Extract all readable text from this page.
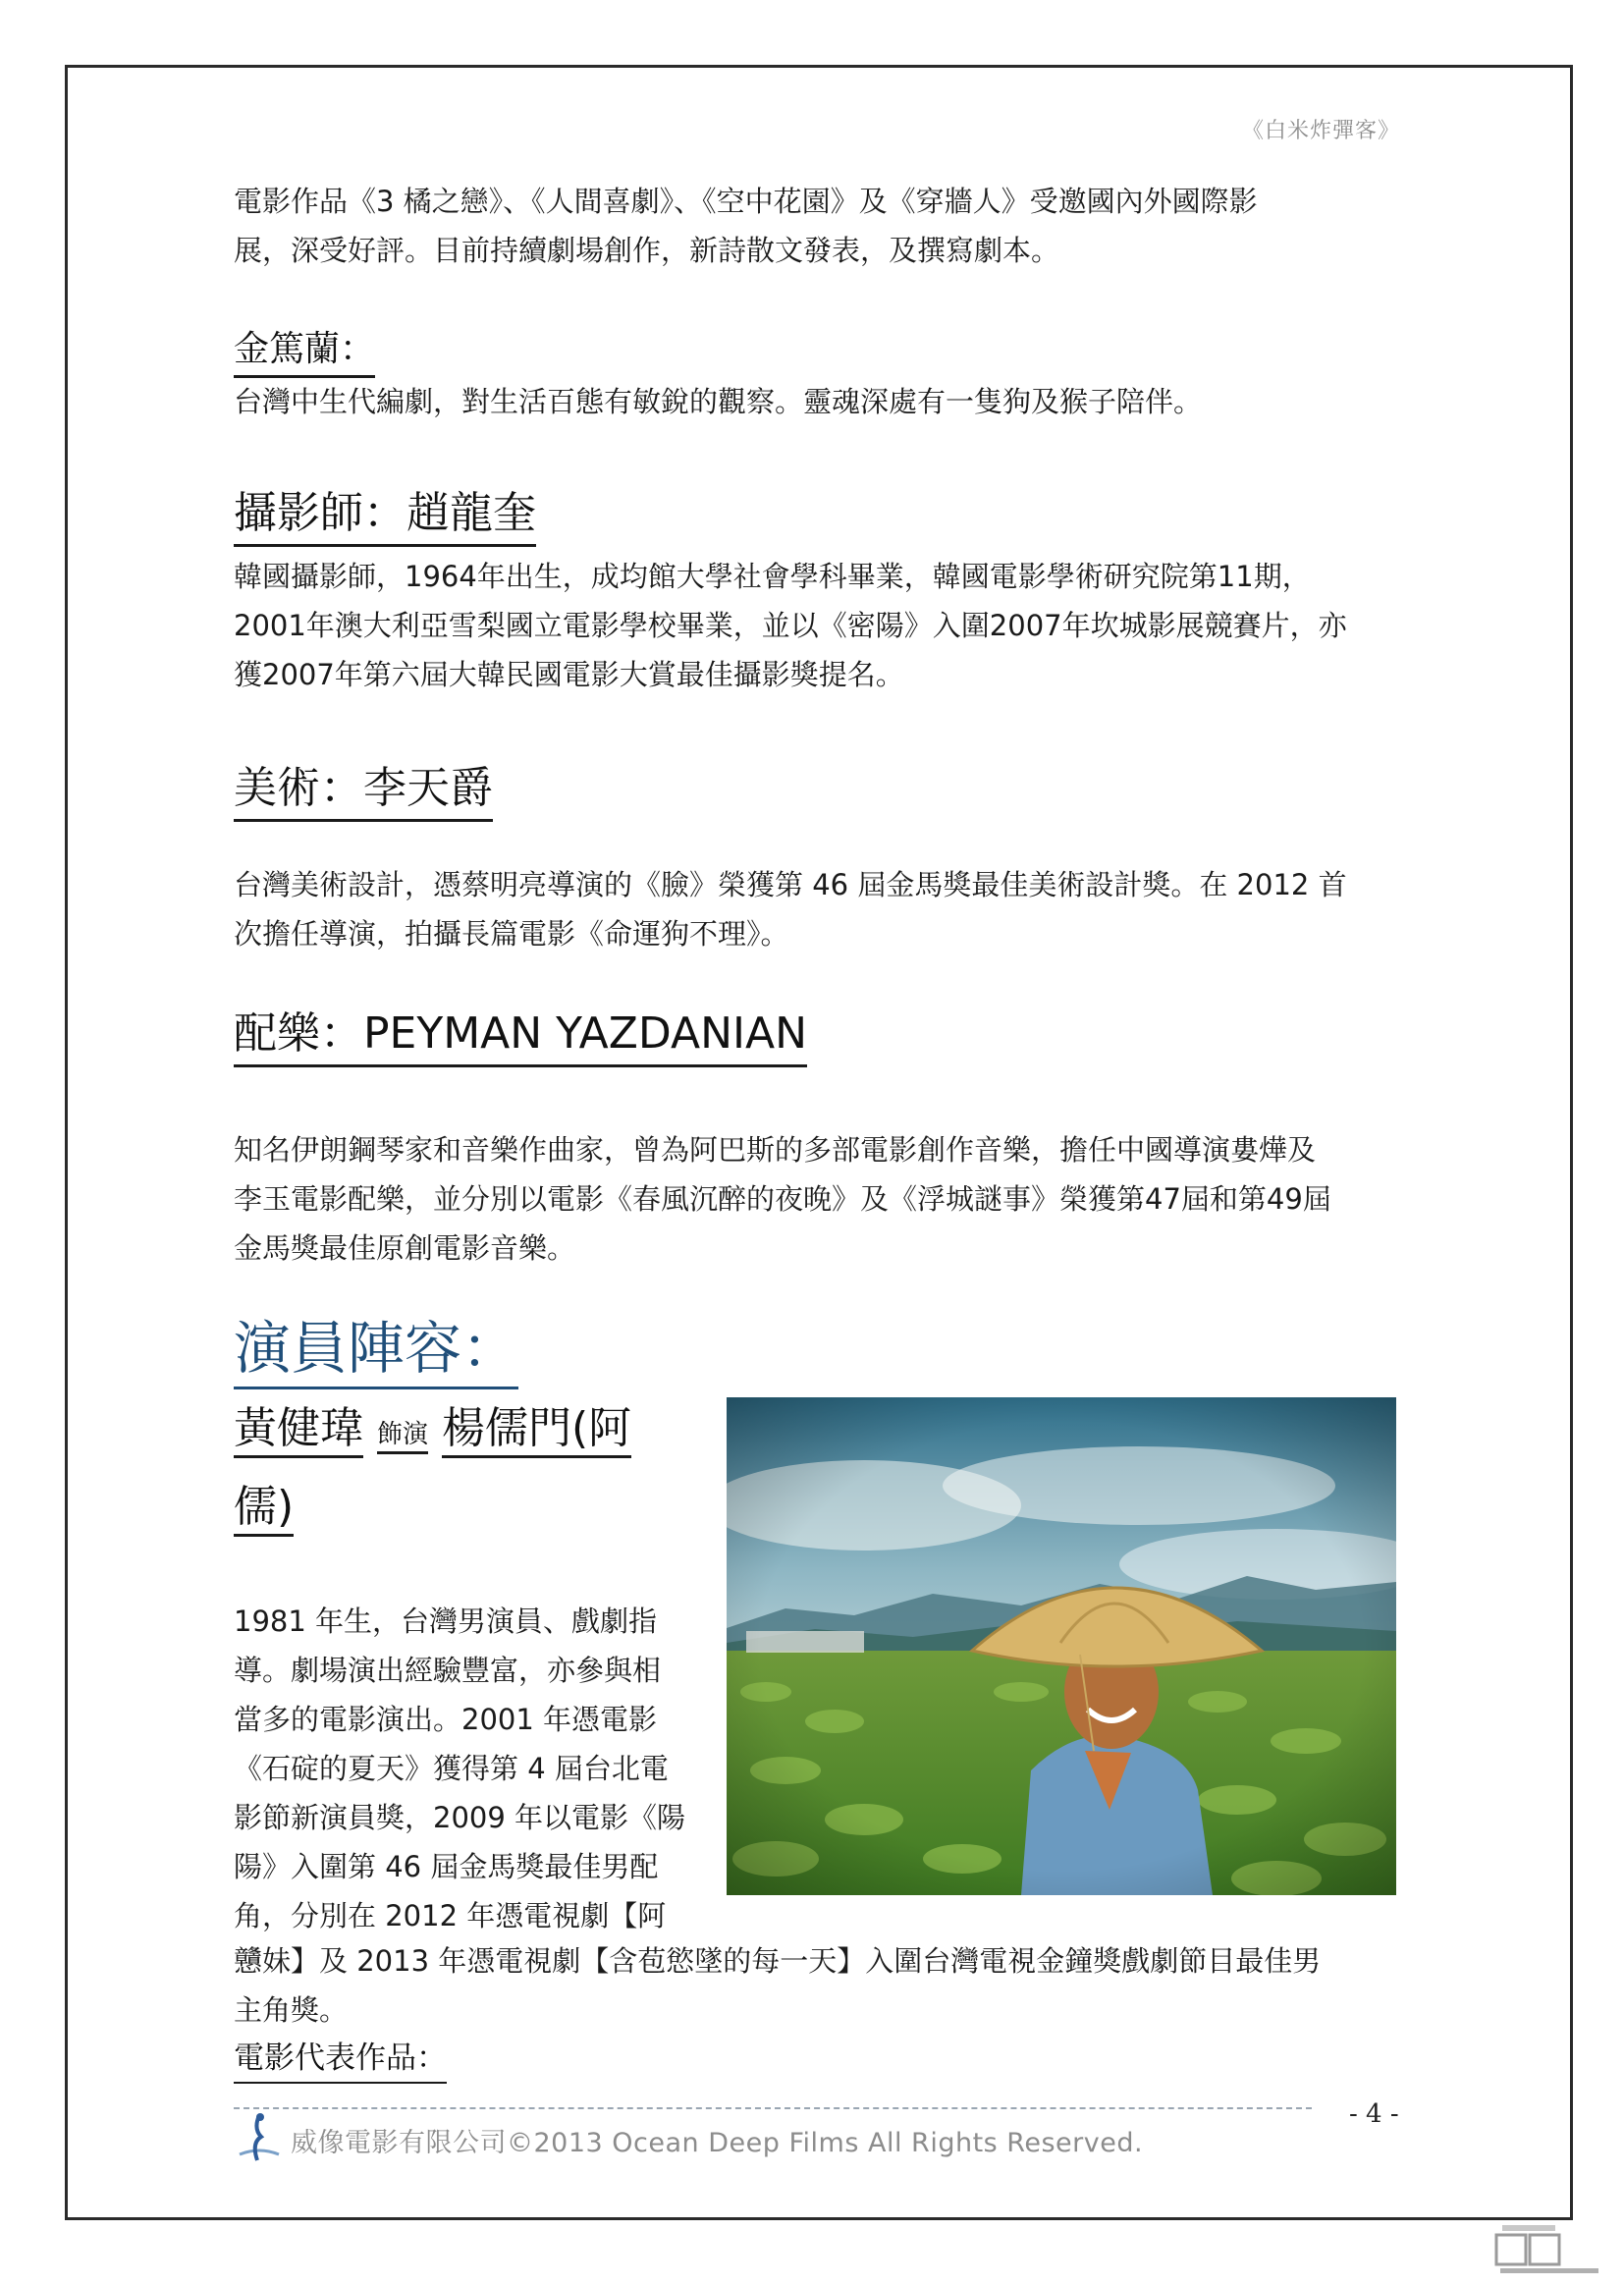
《白米炸彈客》

電影作品《3 橘之戀》、《人間喜劇》、《空中花園》及《穿牆人》受邀國內外國際影

展，深受好評。目前持續劇場創作，新詩散文發表，及撰寫劇本。

金篤蘭：

台灣中生代編劇，對生活百態有敏銳的觀察。靈魂深處有一隻狗及猴子陪伴。

攝影師：趙龍奎

韓國攝影師，1964年出生，成均館大學社會學科畢業，韓國電影學術研究院第11期，

2001年澳大利亞雪梨國立電影學校畢業，並以《密陽》入圍2007年坎城影展競賽片，亦

獲2007年第六屆大韓民國電影大賞最佳攝影獎提名。

美術：李天爵

台灣美術設計，憑蔡明亮導演的《臉》榮獲第 46 屆金馬獎最佳美術設計獎。在 2012 首

次擔任導演，拍攝長篇電影《命運狗不理》。

配樂：PEYMAN YAZDANIAN

知名伊朗鋼琴家和音樂作曲家，曾為阿巴斯的多部電影創作音樂，擔任中國導演婁燁及

李玉電影配樂，並分別以電影《春風沉醉的夜晚》及《浮城謎事》榮獲第47屆和第49屆

金馬獎最佳原創電影音樂。

演員陣容：
黃健瑋 飾演 楊儒門(阿
儒)

1981 年生，台灣男演員、戲劇指

導。劇場演出經驗豐富，亦參與相

當多的電影演出。2001 年憑電影

《石碇的夏天》獲得第 4 屆台北電

影節新演員獎，2009 年以電影《陽

陽》入圍第 46 屆金馬獎最佳男配

角，分別在 2012 年憑電視劇【阿

戇妹】及 2013 年憑電視劇【含苞慾墜的每一天】入圍台灣電視金鐘獎戲劇節目最佳男

主角獎。

電影代表作品：
威像電影有限公司©2013 Ocean Deep Films All Rights Reserved.
- 4 -
